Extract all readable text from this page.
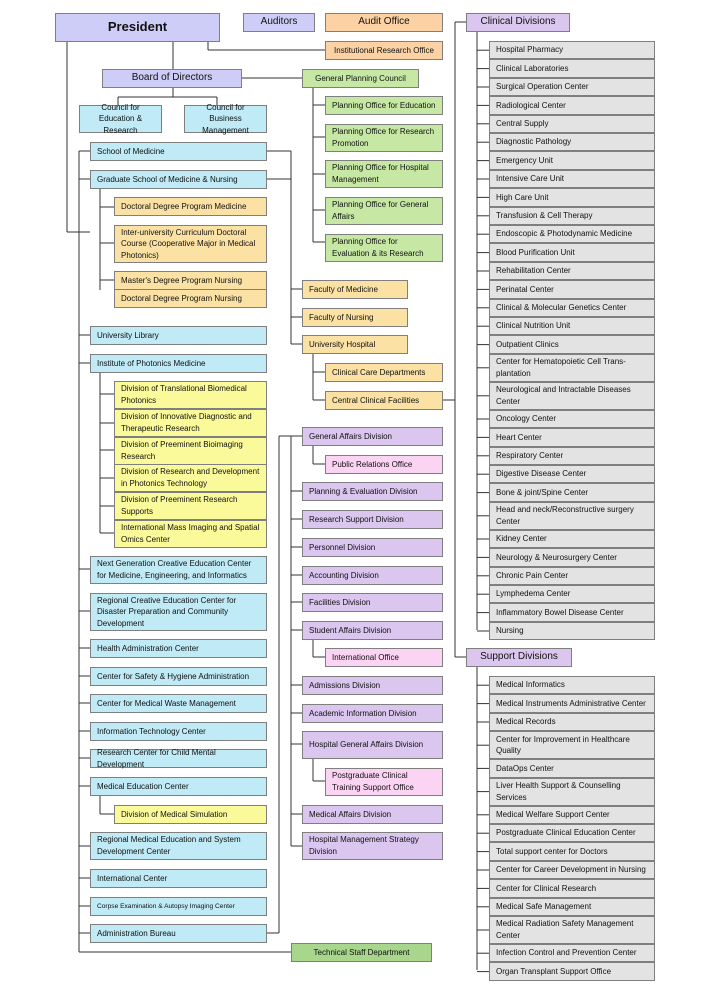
President	Auditors	Audit Office
Institutional Research Office
Board of Directors
Council for Education & Research
Council for Business Management
General Planning Council
Planning Office for Education
Planning Office for Research Promotion
Planning Office for Hospital Management
Planning Office for General Affairs
Planning Office for Evaluation & its Research
School of Medicine
Graduate School of Medicine & Nursing
Doctoral Degree Program Medicine
Inter-university Curriculum Doctoral Course (Cooperative Major in Medical Photonics)
Master's Degree Program Nursing
Doctoral Degree Program Nursing
Faculty of Medicine
Faculty of Nursing
University Hospital
Clinical Care Departments
Central Clinical Facilities
University Library
Institute of Photonics Medicine
Division of Translational Biomedical Photonics
Division of Innovative Diagnostic and Therapeutic Research
Division of Preeminent Bioimaging Research
Division of Research and Development in Photonics Technology
Division of Preeminent Research Supports
International Mass Imaging and Spatial Omics Center
Next Generation Creative Education Center for Medicine, Engineering, and Informatics
Regional Creative Education Center for Disaster Preparation and Community Development
Health Administration Center
Center for Safety & Hygiene Administration
Center for Medical Waste Management
Information Technology Center
Research Center for Child Mental Development
Medical Education Center
Division of Medical Simulation
Regional Medical Education and System Development Center
International Center
Corpse Examination & Autopsy Imaging Center
Administration Bureau
Technical Staff Department
General Affairs Division
Public Relations Office
Planning & Evaluation Division
Research Support Division
Personnel Division
Accounting Division
Facilities Division
Student Affairs Division
International Office
Admissions Division
Academic Information Division
Hospital General Affairs Division
Postgraduate Clinical Training Support Office
Medical Affairs Division
Hospital Management Strategy Division
Clinical Divisions
Support Divisions
Hospital Pharmacy
Clinical Laboratories
Surgical Operation Center
Radiological Center
Central Supply
Diagnostic Pathology
Emergency Unit
Intensive Care Unit
High Care Unit
Transfusion & Cell Therapy
Endoscopic & Photodynamic Medicine
Blood Purification Unit
Rehabilitation Center
Perinatal Center
Clinical & Molecular Genetics Center
Clinical Nutrition Unit
Outpatient Clinics
Center for Hematopoietic Cell Trans-plantation
Neurological and Intractable Diseases Center
Oncology Center
Heart Center
Respiratory Center
Digestive Disease Center
Bone & joint/Spine Center
Head and neck/Reconstructive surgery Center
Kidney Center
Neurology & Neurosurgery Center
Chronic Pain Center
Lymphedema Center
Inflammatory Bowel Disease Center
Nursing
Medical Informatics
Medical Instruments Administrative Center
Medical Records
Center for Improvement in Healthcare Quality
DataOps Center
Liver Health Support & Counselling Services
Medical Welfare Support Center
Postgraduate Clinical Education Center
Total support center for Doctors
Center for Career Development in Nursing
Center for Clinical Research
Medical Safe Management
Medical Radiation Safety Management Center
Infection Control and Prevention Center
Organ Transplant Support Office
